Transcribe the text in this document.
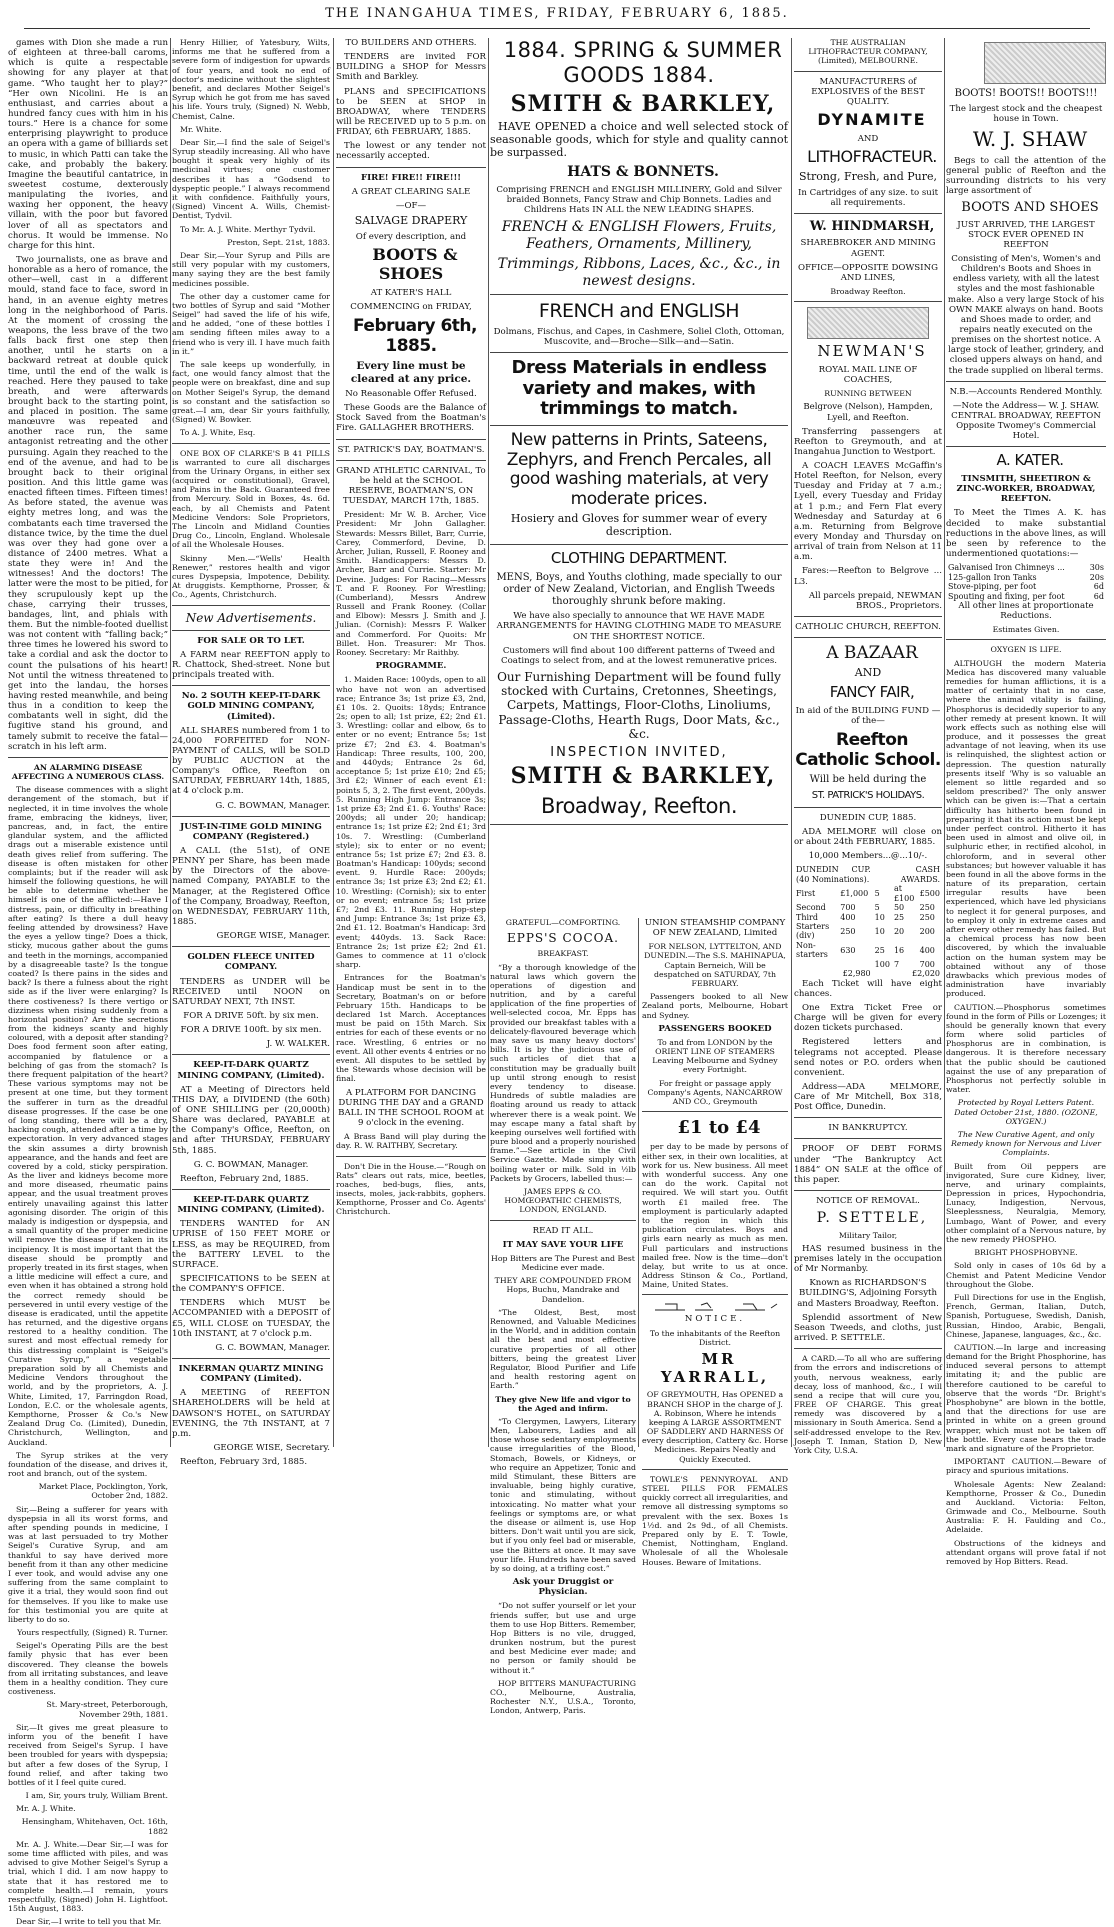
THE INANGAHUA TIMES, FRIDAY, FEBRUARY 6, 1885.

games with Dion she made a run of eighteen at three-ball caroms, which is quite a respectable showing for any player at that game. “Who taught her to play?” “Her own Nicolini. He is an enthusiast, and carries about a hundred fancy cues with him in his tours.” Here is a chance for some enterprising playwright to produce an opera with a game of billiards set to music, in which Patti can take the cake, and probably the bakery. Imagine the beautiful cantatrice, in sweetest costume, dexterously manipulating the ivories, and waxing her opponent, the heavy villain, with the poor but favored lover of all as spectators and chorus. It would be immense. No charge for this hint.

Two journalists, one as brave and honorable as a hero of romance, the other—well, cast in a different mould, stand face to face, sword in hand, in an avenue eighty metres long in the neighborhood of Paris. At the moment of crossing the weapons, the less brave of the two falls back first one step then another, until he starts on a backward retreat at double quick time, until the end of the walk is reached. Here they paused to take breath, and were afterwards brought back to the starting point, and placed in position. The same manœuvre was repeated and another race run, the same antagonist retreating and the other pursuing. Again they reached to the end of the avenue, and had to be brought back to their original position. And this little game was enacted fifteen times. Fifteen times! As before stated, the avenue was eighty metres long, and was the combatants each time traversed the distance twice, by the time the duel was over they had gone over a distance of 2400 metres. What a state they were in! And the witnesses! And the doctors! The latter were the most to be pitied, for they scrupulously kept up the chase, carrying their trusses, bandages, lint, and phials with them. But the nimble-footed duellist was not content with “falling back;” three times he lowered his sword to take a cordial and ask the doctor to count the pulsations of his heart! Not until the witness threatened to get into the landau, the horses having rested meanwhile, and being thus in a condition to keep the combatants well in sight, did the fugitive stand his ground, and tamely submit to receive the fatal—scratch in his left arm.

AN ALARMING DISEASE AFFECTING A NUMEROUS CLASS.

The disease commences with a slight derangement of the stomach, but if neglected, it in time involves the whole frame, embracing the kidneys, liver, pancreas, and, in fact, the entire glandular system, and the afflicted drags out a miserable existence until death gives relief from suffering. The disease is often mistaken for other complaints; but if the reader will ask himself the following questions, he will be able to determine whether he himself is one of the afflicted:—Have I distress, pain, or difficulty in breathing after eating? Is there a dull heavy feeling attended by drowsiness? Have the eyes a yellow tinge? Does a thick, sticky, mucous gather about the gums and teeth in the mornings, accompanied by a disagreeable taste? Is the tongue coated? Is there pains in the sides and back? Is there a fulness about the right side as if the liver were enlarging? Is there costiveness? Is there vertigo or dizziness when rising suddenly from a horizontal position? Are the secretions from the kidneys scanty and highly coloured, with a deposit after standing? Does food ferment soon after eating, accompanied by flatulence or a belching of gas from the stomach? Is there frequent palpitation of the heart? These various symptoms may not be present at one time, but they torment the sufferer in turn as the dreadful disease progresses. If the case be one of long standing, there will be a dry, hacking cough, attended after a time by expectoration. In very advanced stages the skin assumes a dirty brownish appearance, and the hands and feet are covered by a cold, sticky perspiration. As the liver and kidneys become more and more diseased, rheumatic pains appear, and the usual treatment proves entirely unavailing against this latter agonising disorder. The origin of this malady is indigestion or dyspepsia, and a small quantity of the proper medicine will remove the disease if taken in its incipiency. It is most important that the disease should be promptly and properly treated in its first stages, when a little medicine will effect a cure, and even when it has obtained a strong hold the correct remedy should be persevered in until every vestige of the disease is eradicated, until the appetite has returned, and the digestive organs restored to a healthy condition. The surest and most effectual remedy for this distressing complaint is “Seigel's Curative Syrup,” a vegetable preparation sold by all Chemists and Medicine Vendors throughout the world, and by the proprietors, A. J. White, Limited, 17, Farringdon Road, London, E.C. or the wholesale agents, Kempthorne, Prosser & Co.'s New Zealand Drug Co. (Limited), Dunedin, Christchurch, Wellington, and Auckland.

The Syrup strikes at the very foundation of the disease, and drives it, root and branch, out of the system.

Market Place, Pocklington, York, October 2nd, 1882.

Sir,—Being a sufferer for years with dyspepsia in all its worst forms, and after spending pounds in medicine, I was at last persuaded to try Mother Seigel's Curative Syrup, and am thankful to say have derived more benefit from it than any other medicine I ever took, and would advise any one suffering from the same complaint to give it a trial, they would soon find out for themselves. If you like to make use for this testimonial you are quite at liberty to do so.

Yours respectfully, (Signed) R. Turner.

Seigel's Operating Pills are the best family physic that has ever been discovered. They cleanse the bowels from all irritating substances, and leave them in a healthy condition. They cure costiveness.

St. Mary-street, Peterborough, November 29th, 1881.

Sir,—It gives me great pleasure to inform you of the benefit I have received from Seigel's Syrup. I have been troubled for years with dyspepsia; but after a few doses of the Syrup, I found relief, and after taking two bottles of it I feel quite cured.

I am, Sir, yours truly, William Brent.

Mr. A. J. White.

Hensingham, Whitehaven, Oct. 16th, 1882

Mr. A. J. White.—Dear Sir,—I was for some time afflicted with piles, and was advised to give Mother Seigel's Syrup a trial, which I did. I am now happy to state that it has restored me to complete health.—I remain, yours respectfully, (Signed) John H. Lightfoot. 15th August, 1883.

Dear Sir,—I write to tell you that Mr.

Henry Hillier, of Yatesbury, Wilts, informs me that he suffered from a severe form of indigestion for upwards of four years, and took no end of doctor's medicine without the slightest benefit, and declares Mother Seigel's Syrup which he got from me has saved his life. Yours truly, (Signed) N. Webb, Chemist, Calne.

Mr. White.

Dear Sir,—I find the sale of Seigel's Syrup steadily increasing. All who have bought it speak very highly of its medicinal virtues; one customer describes it has a “Godsend to dyspeptic people.” I always recommend it with confidence. Faithfully yours, (Signed) Vincent A. Wills, Chemist-Dentist, Tydvil.

To Mr. A. J. White. Merthyr Tydvil.

Preston, Sept. 21st, 1883.

Dear Sir,—Your Syrup and Pills are still very popular with my customers, many saying they are the best family medicines possible.

The other day a customer came for two bottles of Syrup and said “Mother Seigel” had saved the life of his wife, and he added, “one of these bottles I am sending fifteen miles away to a friend who is very ill. I have much faith in it.”

The sale keeps up wonderfully, in fact, one would fancy almost that the people were on breakfast, dine and sup on Mother Seigel's Syrup, the demand is so constant and the satisfaction so great.—I am, dear Sir yours faithfully, (Signed) W. Bowker.

To A. J. White, Esq.

ONE BOX OF CLARKE'S B 41 PILLS is warranted to cure all discharges from the Urinary Organs, in either sex (acquired or constitutional), Gravel, and Pains in the Back. Guaranteed free from Mercury. Sold in Boxes, 4s. 6d. each, by all Chemists and Patent Medicine Vendors: Sole Proprietors, The Lincoln and Midland Counties Drug Co., Lincoln, England. Wholesale of all the Wholesale Houses.

Skinny Men.—“Wells' Health Renewer,” restores health and vigor cures Dyspepsia, Impotence, Debility. At druggists. Kempthorne, Prosser, & Co., Agents, Christchurch.

New Advertisements.

FOR SALE OR TO LET.

A FARM near REEFTON apply to R. Chattock, Shed-street. None but principals treated with.

No. 2 SOUTH KEEP-IT-DARK GOLD MINING COMPANY, (Limited).

ALL SHARES numbered from 1 to 24,000 FORFEITED for NON-PAYMENT of CALLS, will be SOLD by PUBLIC AUCTION at the Company's Office, Reefton on SATURDAY, FEBRUARY 14th, 1885, at 4 o'clock p.m.

G. C. BOWMAN, Manager.

JUST-IN-TIME GOLD MINING COMPANY (Registered.)

A CALL (the 51st), of ONE PENNY per Share, has been made by the Directors of the above-named Company, PAYABLE to the Manager, at the Registered Office of the Company, Broadway, Reefton, on WEDNESDAY, FEBRUARY 11th, 1885.

GEORGE WISE, Manager.

GOLDEN FLEECE UNITED COMPANY.

TENDERS as UNDER will be RECEIVED until NOON on SATURDAY NEXT, 7th INST.

FOR A DRIVE 50ft. by six men.

FOR A DRIVE 100ft. by six men.

J. W. WALKER.

KEEP-IT-DARK QUARTZ MINING COMPANY, (Limited).

AT a Meeting of Directors held THIS DAY, a DIVIDEND (the 60th) of ONE SHILLING per (20,000th) Share was declared, PAYABLE at the Company's Office, Reefton, on and after THURSDAY, FEBRUARY 5th, 1885.

G. C. BOWMAN, Manager.

Reefton, February 2nd, 1885.

KEEP-IT-DARK QUARTZ MINING COMPANY, (Limited).

TENDERS WANTED for AN UPRISE of 150 FEET MORE or LESS, as may be REQUIRED, from the BATTERY LEVEL to the SURFACE.

SPECIFICATIONS to be SEEN at the COMPANY'S OFFICE.

TENDERS which MUST be ACCOMPANIED with a DEPOSIT of £5, WILL CLOSE on TUESDAY, the 10th INSTANT, at 7 o'clock p.m.

G. C. BOWMAN, Manager.

INKERMAN QUARTZ MINING COMPANY (Limited).

A MEETING of REEFTON SHAREHOLDERS will be held at DAWSON'S HOTEL, on SATURDAY EVENING, the 7th INSTANT, at 7 p.m.

GEORGE WISE, Secretary.

Reefton, February 3rd, 1885.

TO BUILDERS AND OTHERS.

TENDERS are invited FOR BUILDING a SHOP for Messrs Smith and Barkley.

PLANS and SPECIFICATIONS to be SEEN at SHOP in BROADWAY, where TENDERS will be RECEIVED up to 5 p.m. on FRIDAY, 6th FEBRUARY, 1885.

The lowest or any tender not necessarily accepted.

FIRE! FIRE!! FIRE!!!

A GREAT CLEARING SALE

—OF—

SALVAGE DRAPERY

Of every description, and

BOOTS & SHOES

AT KATER'S HALL

COMMENCING on FRIDAY,

February 6th, 1885.

Every line must be cleared at any price.

No Reasonable Offer Refused.

These Goods are the Balance of Stock Saved from the Boatman's Fire. GALLAGHER BROTHERS.

ST. PATRICK'S DAY, BOATMAN'S.

GRAND ATHLETIC CARNIVAL, To be held at the SCHOOL RESERVE, BOATMAN'S, ON TUESDAY, MARCH 17th, 1885.

President: Mr W. B. Archer, Vice President: Mr John Gallagher. Stewards: Messrs Billet, Barr, Currie, Carey, Commerford, Devine, D. Archer, Julian, Russell, F. Rooney and Smith. Handicappers: Messrs D. Archer, Barr and Currie. Starter: Mr Devine. Judges: For Racing—Messrs T. and F. Rooney. For Wrestling; (Cumberland), Messrs Andrew Russell and Frank Rooney. (Collar and Elbow): Messrs J. Smith and J. Julian. (Cornish): Messrs F. Walker and Commerford. For Quoits: Mr Billet. Hon. Treasurer: Mr Thos. Rooney. Secretary: Mr Raithby.

PROGRAMME.

1. Maiden Race: 100yds, open to all who have not won an advertised race; Entrance 3s; 1st prize £3, 2nd, £1 10s. 2. Quoits: 18yds; Entrance 2s; open to all; 1st prize, £2; 2nd £1. 3. Wrestling: collar and elbow, 6s to enter or no event; Entrance 5s; 1st prize £7; 2nd £3. 4. Boatman's Handicap: Three results, 100, 200, and 440yds; Entrance 2s 6d, acceptance 5; 1st prize £10; 2nd £5; 3rd £2; Winner of each event £1: points 5, 3, 2. The first event, 200yds. 5. Running High Jump: Entrance 3s; 1st prize £3; 2nd £1. 6. Youths' Race: 200yds; all under 20; handicap; entrance 1s; 1st prize £2; 2nd £1; 3rd 10s. 7. Wrestling: (Cumberland style); six to enter or no event; entrance 5s; 1st prize £7; 2nd £3. 8. Boatman's Handicap: 100yds; second event. 9. Hurdle Race: 200yds; entrance 3s; 1st prize £3; 2nd £2; £1. 10. Wrestling: (Cornish); six to enter or no event; entrance 5s; 1st prize £7; 2nd £3. 11. Running Hop-step and Jump: Entrance 3s; 1st prize £3, 2nd £1. 12. Boatman's Handicap: 3rd event; 440yds. 13. Sack Race: Entrance 2s; 1st prize £2; 2nd £1. Games to commence at 11 o'clock sharp.

Entrances for the Boatman's Handicap must be sent in to the Secretary, Boatman's on or before February 15th. Handicaps to be declared 1st March. Acceptances must be paid on 15th March. Six entries for each of these events or no race. Wrestling, 6 entries or no event. All other events 4 entries or no event. All disputes to be settled by the Stewards whose decision will be final.

A PLATFORM FOR DANCING DURING THE DAY and a GRAND BALL IN THE SCHOOL ROOM at 9 o'clock in the evening.

A Brass Band will play during the day. R. W. RAITHBY, Secretary.

Don't Die in the House.—“Rough on Rats” clears out rats, mice, beetles, roaches, bed-bugs, flies, ants, insects, moles, jack-rabbits, gophers. Kempthorne, Prosser and Co. Agents' Christchurch.

1884. SPRING & SUMMER GOODS 1884.

SMITH & BARKLEY,

HAVE OPENED a choice and well selected stock of seasonable goods, which for style and quality cannot be surpassed.

HATS & BONNETS.

Comprising FRENCH and ENGLISH MILLINERY, Gold and Silver braided Bonnets, Fancy Straw and Chip Bonnets. Ladies and Childrens Hats IN ALL the NEW LEADING SHAPES.

FRENCH & ENGLISH Flowers, Fruits, Feathers, Ornaments, Millinery,

Trimmings, Ribbons, Laces, &c., &c., in newest designs.

FRENCH and ENGLISH

Dolmans, Fischus, and Capes, in Cashmere, Soliel Cloth, Ottoman, Muscovite, and—Broche—Silk—and—Satin.

Dress Materials in endless variety and makes, with trimmings to match.

New patterns in Prints, Sateens, Zephyrs, and French Percales, all good washing materials, at very moderate prices.

Hosiery and Gloves for summer wear of every description.

CLOTHING DEPARTMENT.

MENS, Boys, and Youths clothing, made specially to our order of New Zealand, Victorian, and English Tweeds thoroughly shrunk before making.

We have also specially to announce that WE HAVE MADE ARRANGEMENTS for HAVING CLOTHING MADE TO MEASURE ON THE SHORTEST NOTICE.

Customers will find about 100 different patterns of Tweed and Coatings to select from, and at the lowest remunerative prices.

Our Furnishing Department will be found fully stocked with Curtains, Cretonnes, Sheetings, Carpets, Mattings, Floor-Cloths, Linoliums, Passage-Cloths, Hearth Rugs, Door Mats, &c., &c.

INSPECTION INVITED,

SMITH & BARKLEY,

Broadway, Reefton.

GRATEFUL—COMFORTING.

EPPS'S COCOA.

BREAKFAST.

“By a thorough knowledge of the natural laws which govern the operations of digestion and nutrition, and by a careful application of the fine properties of well-selected cocoa, Mr. Epps has provided our breakfast tables with a delicately-flavoured beverage which may save us many heavy doctors' bills. It is by the judicious use of such articles of diet that a constitution may be gradually built up until strong enough to resist every tendency to disease. Hundreds of subtle maladies are floating around us ready to attack wherever there is a weak point. We may escape many a fatal shaft by keeping ourselves well fortified with pure blood and a properly nourished frame.”—See article in the Civil Service Gazette. Made simply with boiling water or milk. Sold in ½lb Packets by Grocers, labelled thus:—

JAMES EPPS & CO. HOMŒOPATHIC CHEMISTS, LONDON, ENGLAND.

READ IT ALL.

IT MAY SAVE YOUR LIFE

Hop Bitters are The Purest and Best Medicine ever made.

THEY ARE COMPOUNDED FROM Hops, Buchu, Mandrake and Dandelion.

“The Oldest, Best, most Renowned, and Valuable Medicines in the World, and in addition contain all the best and most effective curative properties of all other bitters, being the greatest Liver Regulator, Blood Purifier and Life and health restoring agent on Earth.”

They give New life and vigor to the Aged and infirm.

“To Clergymen, Lawyers, Literary Men, Labourers, Ladies and all those whose sedentary employments cause irregularities of the Blood, Stomach, Bowels, or Kidneys, or who require an Appetizer, Tonic and mild Stimulant, these Bitters are invaluable, being highly curative, tonic and stimulating, without intoxicating. No matter what your feelings or symptoms are, or what the disease or ailment is, use Hop bitters. Don't wait until you are sick, but if you only feel bad or miserable, use the Bitters at once. It may save your life. Hundreds have been saved by so doing, at a trifling cost.”

Ask your Druggist or Physician.

“Do not suffer yourself or let your friends suffer, but use and urge them to use Hop Bitters. Remember, Hop Bitters is no vile, drugged, drunken nostrum, but the purest and best Medicine ever made; and no person or family should be without it.”

HOP BITTERS MANUFACTURING CO., Melbourne, Australia, Rochester N.Y., U.S.A., Toronto, London, Antwerp, Paris.

UNION STEAMSHIP COMPANY OF NEW ZEALAND, Limited

FOR NELSON, LYTTELTON, AND DUNEDIN.—The S.S. MAHINAPUA, Captain Berneich, Will be despatched on SATURDAY, 7th FEBRUARY.

Passengers booked to all New Zealand ports, Melbourne, Hobart and Sydney.

PASSENGERS BOOKED

To and from LONDON by the ORIENT LINE OF STEAMERS Leaving Melbourne and Sydney every Fortnight.

For freight or passage apply Company's Agents, NANCARROW AND CO., Greymouth

£1 to £4

per day to be made by persons of either sex, in their own localities, at work for us. New business. All meet with wonderful success. Any one can do the work. Capital not required. We will start you. Outfit worth £1 mailed free. The employment is particularly adapted to the region in which this publication circulates. Boys and girls earn nearly as much as men. Full particulars and instructions mailed free. Now is the time—don't delay, but write to us at once. Address Stinson & Co., Portland, Maine, United States.

NOTICE.

To the inhabitants of the Reefton District.

MR YARRALL,

OF GREYMOUTH, Has OPENED a BRANCH SHOP in the charge of J. A. Robinson, Where he intends keeping A LARGE ASSORTMENT OF SADDLERY AND HARNESS Of every description, Cattery &c. Horse Medicines. Repairs Neatly and Quickly Executed.

TOWLE'S PENNYROYAL AND STEEL PILLS FOR FEMALES quickly correct all irregularities, and remove all distressing symptoms so prevalent with the sex. Boxes 1s 1½d. and 2s 9d., of all Chemists. Prepared only by E. T. Towle, Chemist, Nottingham, England. Wholesale of all the Wholesale Houses. Beware of Imitations.

THE AUSTRALIAN LITHOFRACTEUR COMPANY, (Limited), MELBOURNE.

MANUFACTURERS of EXPLOSIVES of the BEST QUALITY.

DYNAMITE

AND

LITHOFRACTEUR.

Strong, Fresh, and Pure,

In Cartridges of any size. to suit all requirements.

W. HINDMARSH,

SHAREBROKER AND MINING AGENT.

OFFICE—OPPOSITE DOWSING AND LINES,

Broadway Reefton.

NEWMAN'S

ROYAL MAIL LINE OF COACHES,

RUNNING BETWEEN

Belgrove (Nelson), Hampden, Lyell, and Reefton.

Transferring passengers at Reefton to Greymouth, and at Inangahua Junction to Westport.

A COACH LEAVES McGaffin's Hotel Reefton, for Nelson, every Tuesday and Friday at 7 a.m.; Lyell, every Tuesday and Friday at 1 p.m.; and Fern Flat every Wednesday and Saturday at 6 a.m. Returning from Belgrove every Monday and Thursday on arrival of train from Nelson at 11 a.m.

Fares:—Reefton to Belgrove ... L3.

All parcels prepaid, NEWMAN BROS., Proprietors.

CATHOLIC CHURCH, REEFTON.

A BAZAAR

AND

FANCY FAIR,

In aid of the BUILDING FUND —of the—

Reefton Catholic School.

Will be held during the

ST. PATRICK'S HOLIDAYS.

DUNEDIN CUP, 1885.

ADA MELMORE will close on or about 24th FEBRUARY, 1885.

10,000 Members...@...10/-.

DUNEDIN CUP. (40 Nominations).		CASH AWARDS.		
First	£1,000	5	at £100	£500
Second	700	5	50	250
Third	400	10	25	250
Starters (div)	250	10	20	200
Non-starters	630	25	16	400
		100	7	700
£2,980		£2,020		

Each Ticket will have eight chances.

One Extra Ticket Free or Charge will be given for every dozen tickets purchased.

Registered letters and telegrams not accepted. Please send notes or P.O. orders when convenient.

Address—ADA MELMORE, Care of Mr Mitchell, Box 318, Post Office, Dunedin.

IN BANKRUPTCY.

PROOF OF DEBT FORMS under “The Bankruptcy Act 1884” ON SALE at the office of this paper.

NOTICE OF REMOVAL.

P. SETTELE,

Military Tailor,

HAS resumed business in the premises lately in the occupation of Mr Normanby.

Known as RICHARDSON'S BUILDING'S, Adjoining Forsyth and Masters Broadway, Reefton.

Splendid assortment of New Season Tweeds, and cloths, just arrived. P. SETTELE.

A CARD.—To all who are suffering from the errors and indiscretions of youth, nervous weakness, early decay, loss of manhood, &c., I will send a recipe that will cure you, FREE OF CHARGE. This great remedy was discovered by a missionary in South America. Send a self-addressed envelope to the Rev. Joseph T. Inman, Station D, New York City, U.S.A.

BOOTS! BOOTS!! BOOTS!!!

The largest stock and the cheapest house in Town.

W. J. SHAW

Begs to call the attention of the general public of Reefton and the surrounding districts to his very large assortment of

BOOTS AND SHOES

JUST ARRIVED, THE LARGEST STOCK EVER OPENED IN REEFTON

Consisting of Men's, Women's and Children's Boots and Shoes in endless variety, with all the latest styles and the most fashionable make. Also a very large Stock of his OWN MAKE always on hand. Boots and Shoes made to order, and repairs neatly executed on the premises on the shortest notice. A large stock of leather, grindery, and closed uppers always on hand, and the trade supplied on liberal terms.

N.B.—Accounts Rendered Monthly.

—Note the Address— W. J. SHAW. CENTRAL BROADWAY, REEFTON Opposite Twomey's Commercial Hotel.

A. KATER.

TINSMITH, SHEETIRON & ZINC-WORKER, BROADWAY, REEFTON.

To Meet the Times A. K. has decided to make substantial reductions in the above lines, as will be seen by reference to the undermentioned quotations:—

Galvanised Iron Chimneys ...	30s
125-gallon Iron Tanks	20s
Stove-piping, per foot	6d
Spouting and fixing, per foot	6d

All other lines at proportionate Reductions.

Estimates Given.

OXYGEN IS LIFE.

ALTHOUGH the modern Materia Medica has discovered many valuable remedies for human afflictions, it is a matter of certainty that in no case, where the animal vitality is failing, Phosphorus is decidedly superior to any other remedy at present known. It will work effects such as nothing else will produce, and it possesses the great advantage of not leaving, when its use is relinquished, the slightest action or depression. The question naturally presents itself 'Why is so valuable an element so little regarded and so seldom prescribed?' The only answer which can be given is:—That a certain difficulty has hitherto been found in preparing it that its action must be kept under perfect control. Hitherto it has been used in almost and olive oil, in sulphuric ether, in rectified alcohol, in chloroform, and in several other substances; but however valuable it has been found in all the above forms in the nature of its preparation, certain irregular results have been experienced, which have led physicians to neglect it for general purposes, and to employ it only in extreme cases and after every other remedy has failed. But a chemical process has now been discovered, by which the invaluable action on the human system may be obtained without any of those drawbacks which previous modes of administration have invariably produced.

CAUTION.—Phosphorus sometimes found in the form of Pills or Lozenges; it should be generally known that every form where solid particles of Phosphorus are in combination, is dangerous. It is therefore necessary that the public should be cautioned against the use of any preparation of Phosphorus not perfectly soluble in water.

Protected by Royal Letters Patent. Dated October 21st, 1880. (OZONE, OXYGEN.)

The New Curative Agent, and only Remedy known for Nervous and Liver Complaints.

Built from Oil peppers are invigorated, Sure cure Kidney, liver, nerve, and urinary complaints, Depression in prices, Hypochondria, Lunacy, Indigestion, Nervous, Sleeplessness, Neuralgia, Memory, Lumbago, Want of Power, and every other complaint of a Nervous nature, by the new remedy PHOSPHO.

BRIGHT PHOSPHOBYNE.

Sold only in cases of 10s 6d by a Chemist and Patent Medicine Vendor throughout the Globe.

Full Directions for use in the English, French, German, Italian, Dutch, Spanish, Portuguese, Swedish, Danish, Russian, Hindoo, Arabic, Bengali, Chinese, Japanese, languages, &c., &c.

CAUTION.—In large and increasing demand for the Bright Phosphorine, has induced several persons to attempt imitating it; and the public are therefore cautioned to be careful to observe that the words “Dr. Bright's Phosphobyne” are blown in the bottle, and that the directions for use are printed in white on a green ground wrapper, which must not be taken off the bottle. Every case bears the trade mark and signature of the Proprietor.

IMPORTANT CAUTION.—Beware of piracy and spurious imitations.

Wholesale Agents: New Zealand: Kempthorne, Prosser & Co., Dunedin and Auckland. Victoria: Felton, Grimwade and Co., Melbourne. South Australia: F. H. Faulding and Co., Adelaide.

Obstructions of the kidneys and attendant organs will prove fatal if not removed by Hop Bitters. Read.
